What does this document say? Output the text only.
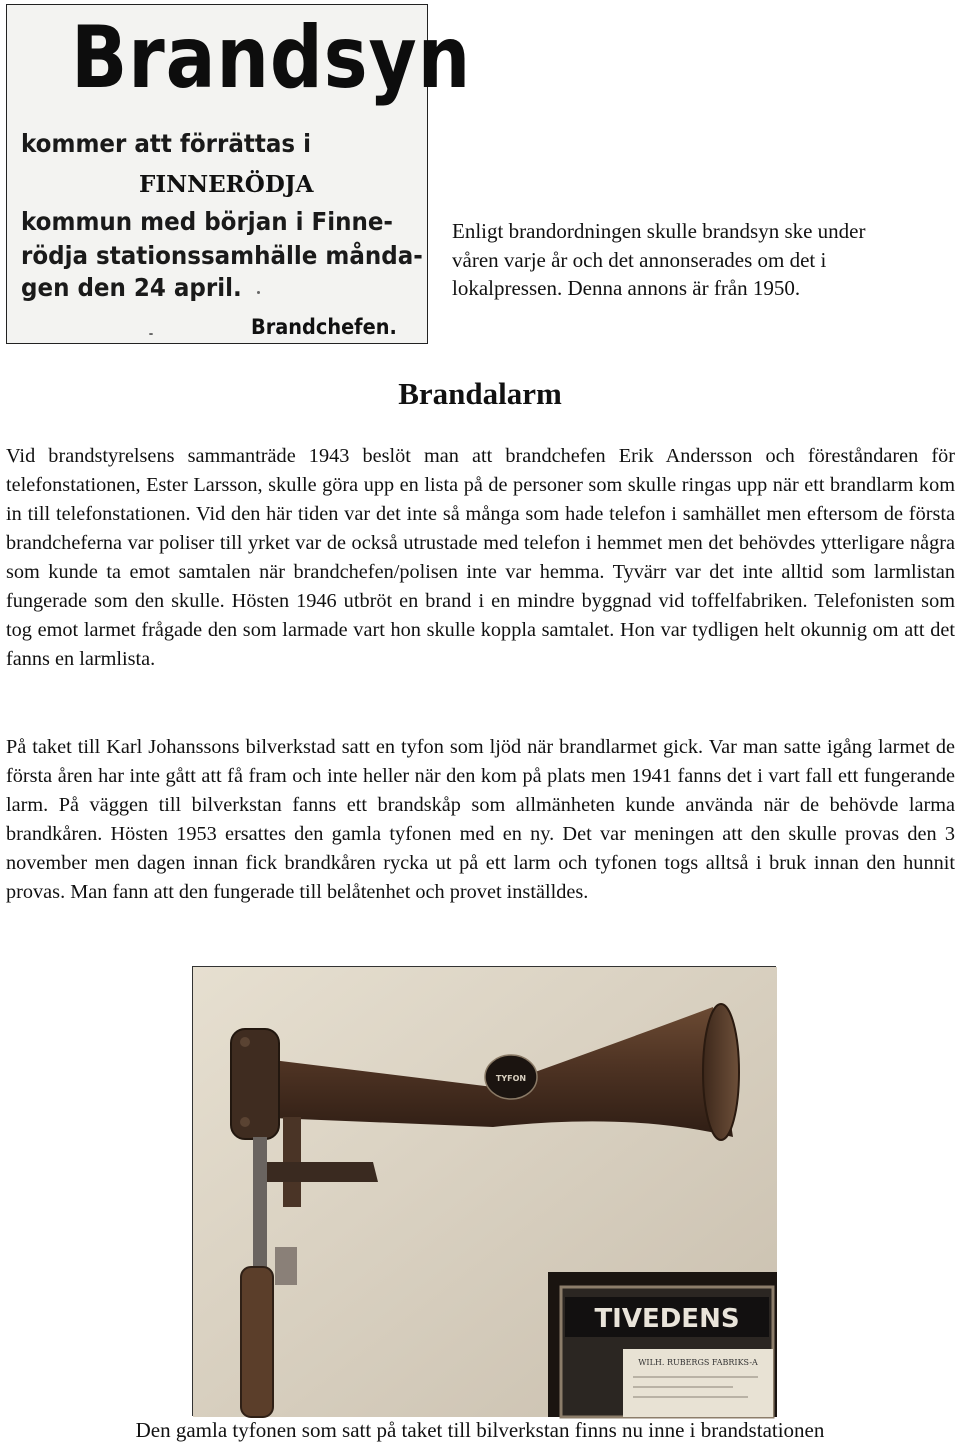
Brandsyn
kommer att förrättas i
FINNERÖDJA
kommun med början i Finne-
rödja stationssamhälle månda-
gen den 24 april.
Brandchefen.
Enligt brandordningen skulle brandsyn ske under våren varje år och det annonserades om det i lokalpressen. Denna annons är från 1950.
Brandalarm

Vid brandstyrelsens sammanträde 1943 beslöt man att brandchefen Erik Andersson och föreståndaren för telefonstationen, Ester Larsson, skulle göra upp en lista på de personer som skulle ringas upp när ett brandlarm kom in till telefonstationen. Vid den här tiden var det inte så många som hade telefon i samhället men eftersom de första brandcheferna var poliser till yrket var de också utrustade med telefon i hemmet men det behövdes ytterligare några som kunde ta emot samtalen när brandchefen/polisen inte var hemma. Tyvärr var det inte alltid som larmlistan fungerade som den skulle. Hösten 1946 utbröt en brand i en mindre byggnad vid toffelfabriken. Telefonisten som tog emot larmet frågade den som larmade vart hon skulle koppla samtalet. Hon var tydligen helt okunnig om att det fanns en larmlista.

På taket till Karl Johanssons bilverkstad satt en tyfon som ljöd när brandlarmet gick. Var man satte igång larmet de första åren har inte gått att få fram och inte heller när den kom på plats men 1941 fanns det i vart fall ett fungerande larm. På väggen till bilverkstan fanns ett brandskåp som allmänheten kunde använda när de behövde larma brandkåren. Hösten 1953 ersattes den gamla tyfonen med en ny. Det var meningen att den skulle provas den 3 november men dagen innan fick brandkåren rycka ut på ett larm och tyfonen togs alltså i bruk innan den hunnit provas. Man fann att den fungerade till belåtenhet och provet inställdes.

TYFON
TIVEDENS
WILH. RUBERGS FABRIKS-A
Den gamla tyfonen som satt på taket till bilverkstan finns nu inne i brandstationen
